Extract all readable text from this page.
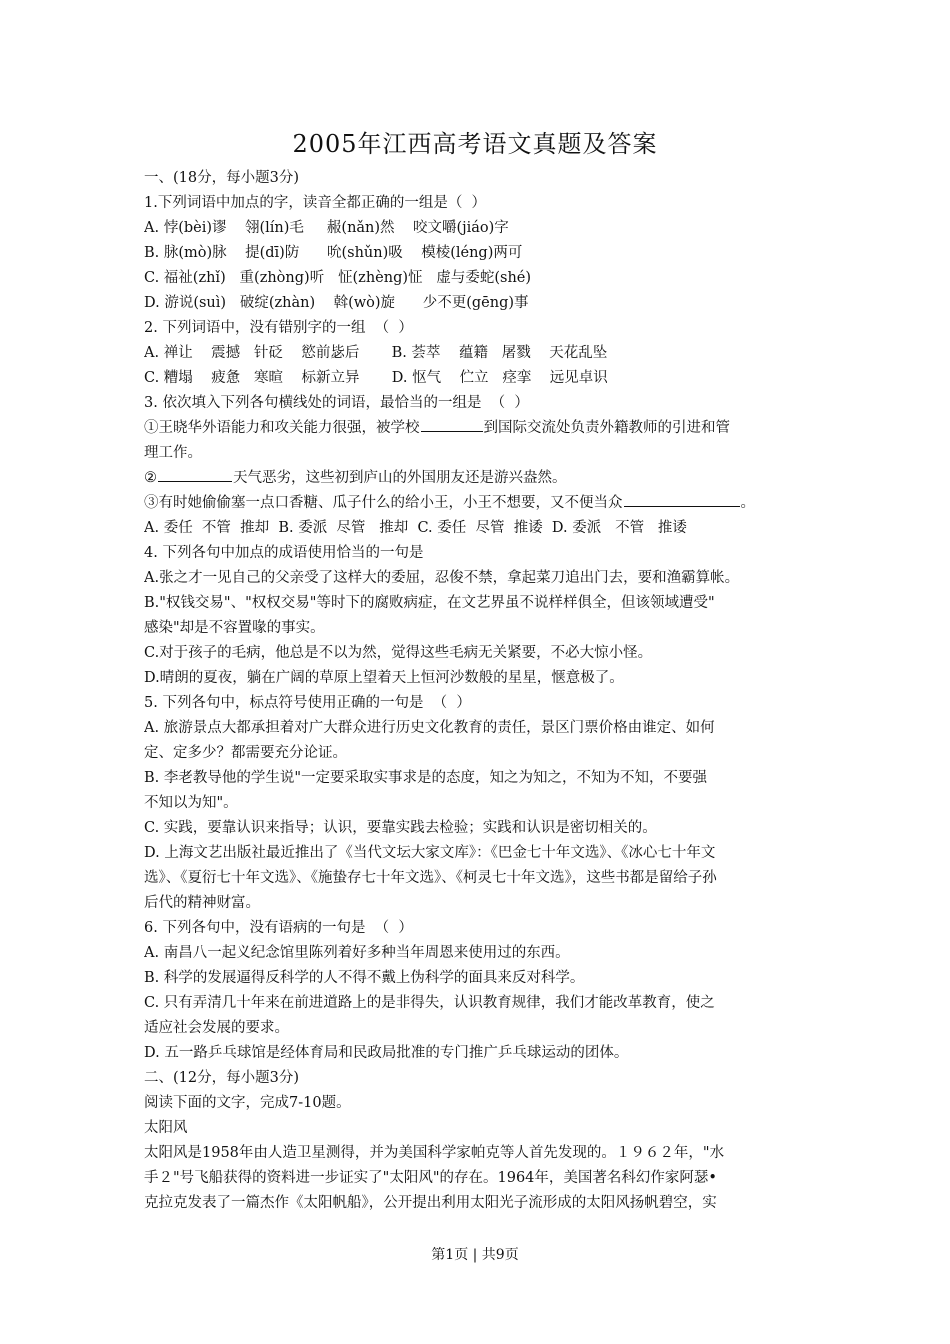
2005年江西高考语文真题及答案
一、(18分，每小题3分)
1.下列词语中加点的字，读音全都正确的一组是（  ）
A. 悖(bèi)谬    翎(lín)毛     赧(nǎn)然    咬文嚼(jiáo)字
B. 脉(mò)脉    提(dī)防      吮(shǔn)吸    模棱(léng)两可
C. 福祉(zhǐ)   重(zhòng)听   怔(zhèng)怔   虚与委蛇(shé)
D. 游说(suì)   破绽(zhàn)    斡(wò)旋      少不更(gēng)事
2. 下列词语中，没有错别字的一组  （  ）
A. 禅让    震撼   针砭    慾前毖后       B. 荟萃    蕴籍   屠戮    天花乱坠
C. 糟塌    疲惫   寒暄    标新立异       D. 怄气    伫立   痉挛    远见卓识
3. 依次填入下列各句横线处的词语，最恰当的一组是  （  ）
①王晓华外语能力和攻关能力很强，被学校	到国际交流处负责外籍教师的引进和管
理工作。
②	天气恶劣，这些初到庐山的外国朋友还是游兴盎然。
③有时她偷偷塞一点口香糖、瓜子什么的给小王，小王不想要，又不便当众	。
A. 委任  不管  推却  B. 委派  尽管   推却  C. 委任  尽管  推诿  D. 委派   不管   推诿
4. 下列各句中加点的成语使用恰当的一句是
A.张之才一见自己的父亲受了这样大的委屈，忍俊不禁，拿起菜刀追出门去，要和渔霸算帐。
B."权钱交易"、"权权交易"等时下的腐败病症，在文艺界虽不说样样俱全，但该领域遭受"
感染"却是不容置喙的事实。
C.对于孩子的毛病，他总是不以为然，觉得这些毛病无关紧要，不必大惊小怪。
D.晴朗的夏夜，躺在广阔的草原上望着天上恒河沙数般的星星，惬意极了。
5. 下列各句中，标点符号使用正确的一句是  （  ）
A. 旅游景点大都承担着对广大群众进行历史文化教育的责任，景区门票价格由谁定、如何
定、定多少？都需要充分论证。
B. 李老教导他的学生说"一定要采取实事求是的态度，知之为知之，不知为不知，不要强
不知以为知"。
C. 实践，要靠认识来指导；认识，要靠实践去检验；实践和认识是密切相关的。
D. 上海文艺出版社最近推出了《当代文坛大家文库》：《巴金七十年文选》、《冰心七十年文
选》、《夏衍七十年文选》、《施蛰存七十年文选》、《柯灵七十年文选》，这些书都是留给子孙
后代的精神财富。
6. 下列各句中，没有语病的一句是  （  ）
A. 南昌八一起义纪念馆里陈列着好多种当年周恩来使用过的东西。
B. 科学的发展逼得反科学的人不得不戴上伪科学的面具来反对科学。
C. 只有弄清几十年来在前进道路上的是非得失，认识教育规律，我们才能改革教育，使之
适应社会发展的要求。
D. 五一路乒乓球馆是经体育局和民政局批准的专门推广乒乓球运动的团体。
二、(12分，每小题3分)
阅读下面的文字，完成7-10题。
太阳风
太阳风是1958年由人造卫星测得，并为美国科学家帕克等人首先发现的。１９６２年，"水
手２"号飞船获得的资料进一步证实了"太阳风"的存在。1964年，美国著名科幻作家阿瑟•
克拉克发表了一篇杰作《太阳帆船》，公开提出利用太阳光子流形成的太阳风扬帆碧空，实
第1页 | 共9页
